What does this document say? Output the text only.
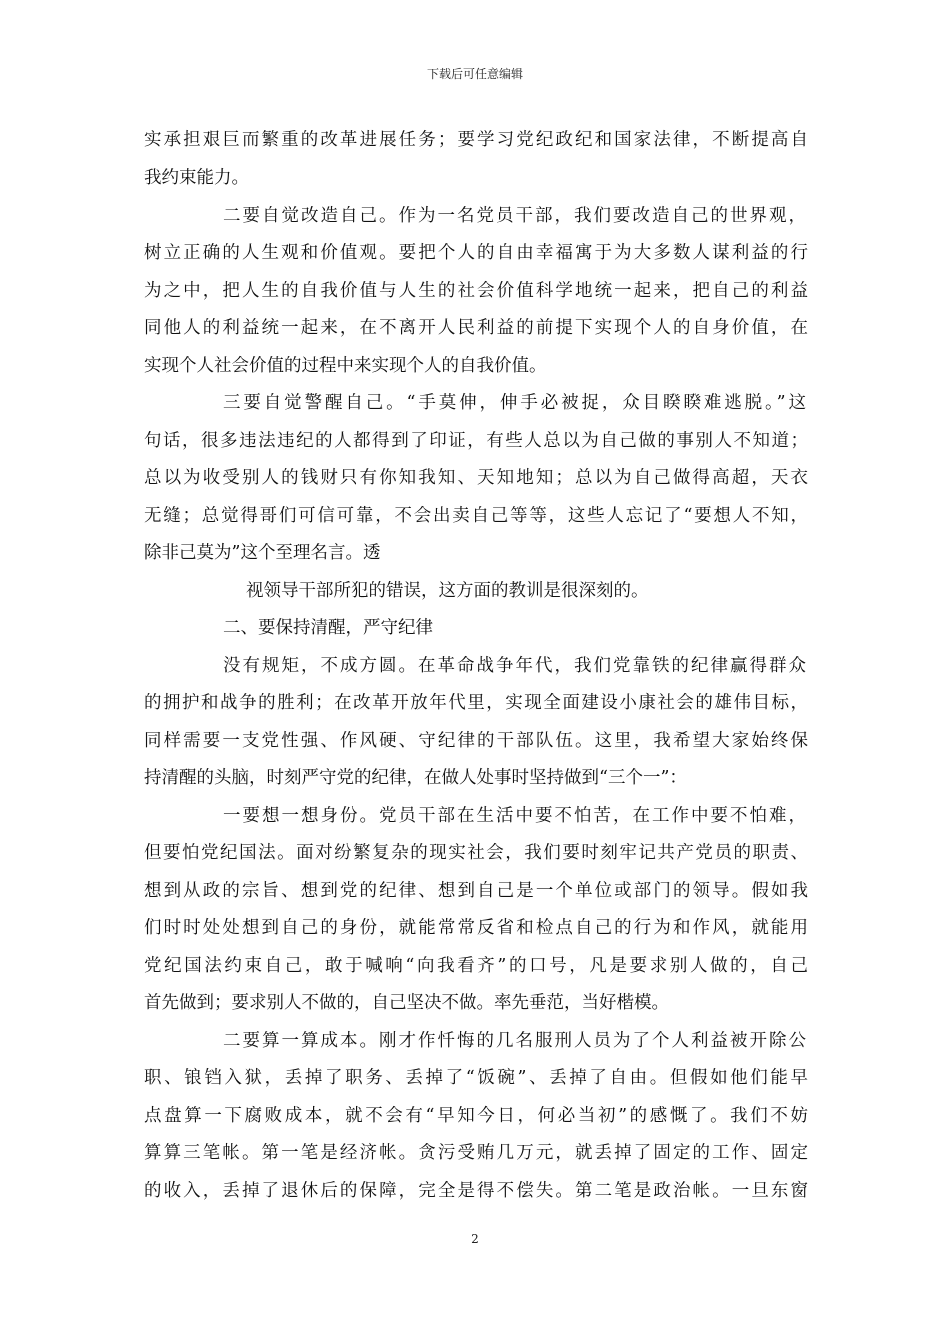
下载后可任意编辑
实承担艰巨而繁重的改革进展任务；要学习党纪政纪和国家法律，不断提高自
我约束能力。
二要自觉改造自己。作为一名党员干部，我们要改造自己的世界观，
树立正确的人生观和价值观。要把个人的自由幸福寓于为大多数人谋利益的行
为之中，把人生的自我价值与人生的社会价值科学地统一起来，把自己的利益
同他人的利益统一起来，在不离开人民利益的前提下实现个人的自身价值，在
实现个人社会价值的过程中来实现个人的自我价值。
三要自觉警醒自己。“手莫伸，伸手必被捉，众目睽睽难逃脱。”这
句话，很多违法违纪的人都得到了印证，有些人总以为自己做的事别人不知道；
总以为收受别人的钱财只有你知我知、天知地知；总以为自己做得高超，天衣
无缝；总觉得哥们可信可靠，不会出卖自己等等，这些人忘记了“要想人不知，
除非己莫为”这个至理名言。透
视领导干部所犯的错误，这方面的教训是很深刻的。
二、要保持清醒，严守纪律
没有规矩，不成方圆。在革命战争年代，我们党靠铁的纪律赢得群众
的拥护和战争的胜利；在改革开放年代里，实现全面建设小康社会的雄伟目标，
同样需要一支党性强、作风硬、守纪律的干部队伍。这里，我希望大家始终保
持清醒的头脑，时刻严守党的纪律，在做人处事时坚持做到“三个一”：
一要想一想身份。党员干部在生活中要不怕苦，在工作中要不怕难，
但要怕党纪国法。面对纷繁复杂的现实社会，我们要时刻牢记共产党员的职责、
想到从政的宗旨、想到党的纪律、想到自己是一个单位或部门的领导。假如我
们时时处处想到自己的身份，就能常常反省和检点自己的行为和作风，就能用
党纪国法约束自己，敢于喊响“向我看齐”的口号，凡是要求别人做的，自己
首先做到；要求别人不做的，自己坚决不做。率先垂范，当好楷模。
二要算一算成本。刚才作忏悔的几名服刑人员为了个人利益被开除公
职、锒铛入狱，丢掉了职务、丢掉了“饭碗”、丢掉了自由。但假如他们能早
点盘算一下腐败成本，就不会有“早知今日，何必当初”的感慨了。我们不妨
算算三笔帐。第一笔是经济帐。贪污受贿几万元，就丢掉了固定的工作、固定
的收入，丢掉了退休后的保障，完全是得不偿失。第二笔是政治帐。一旦东窗
2
